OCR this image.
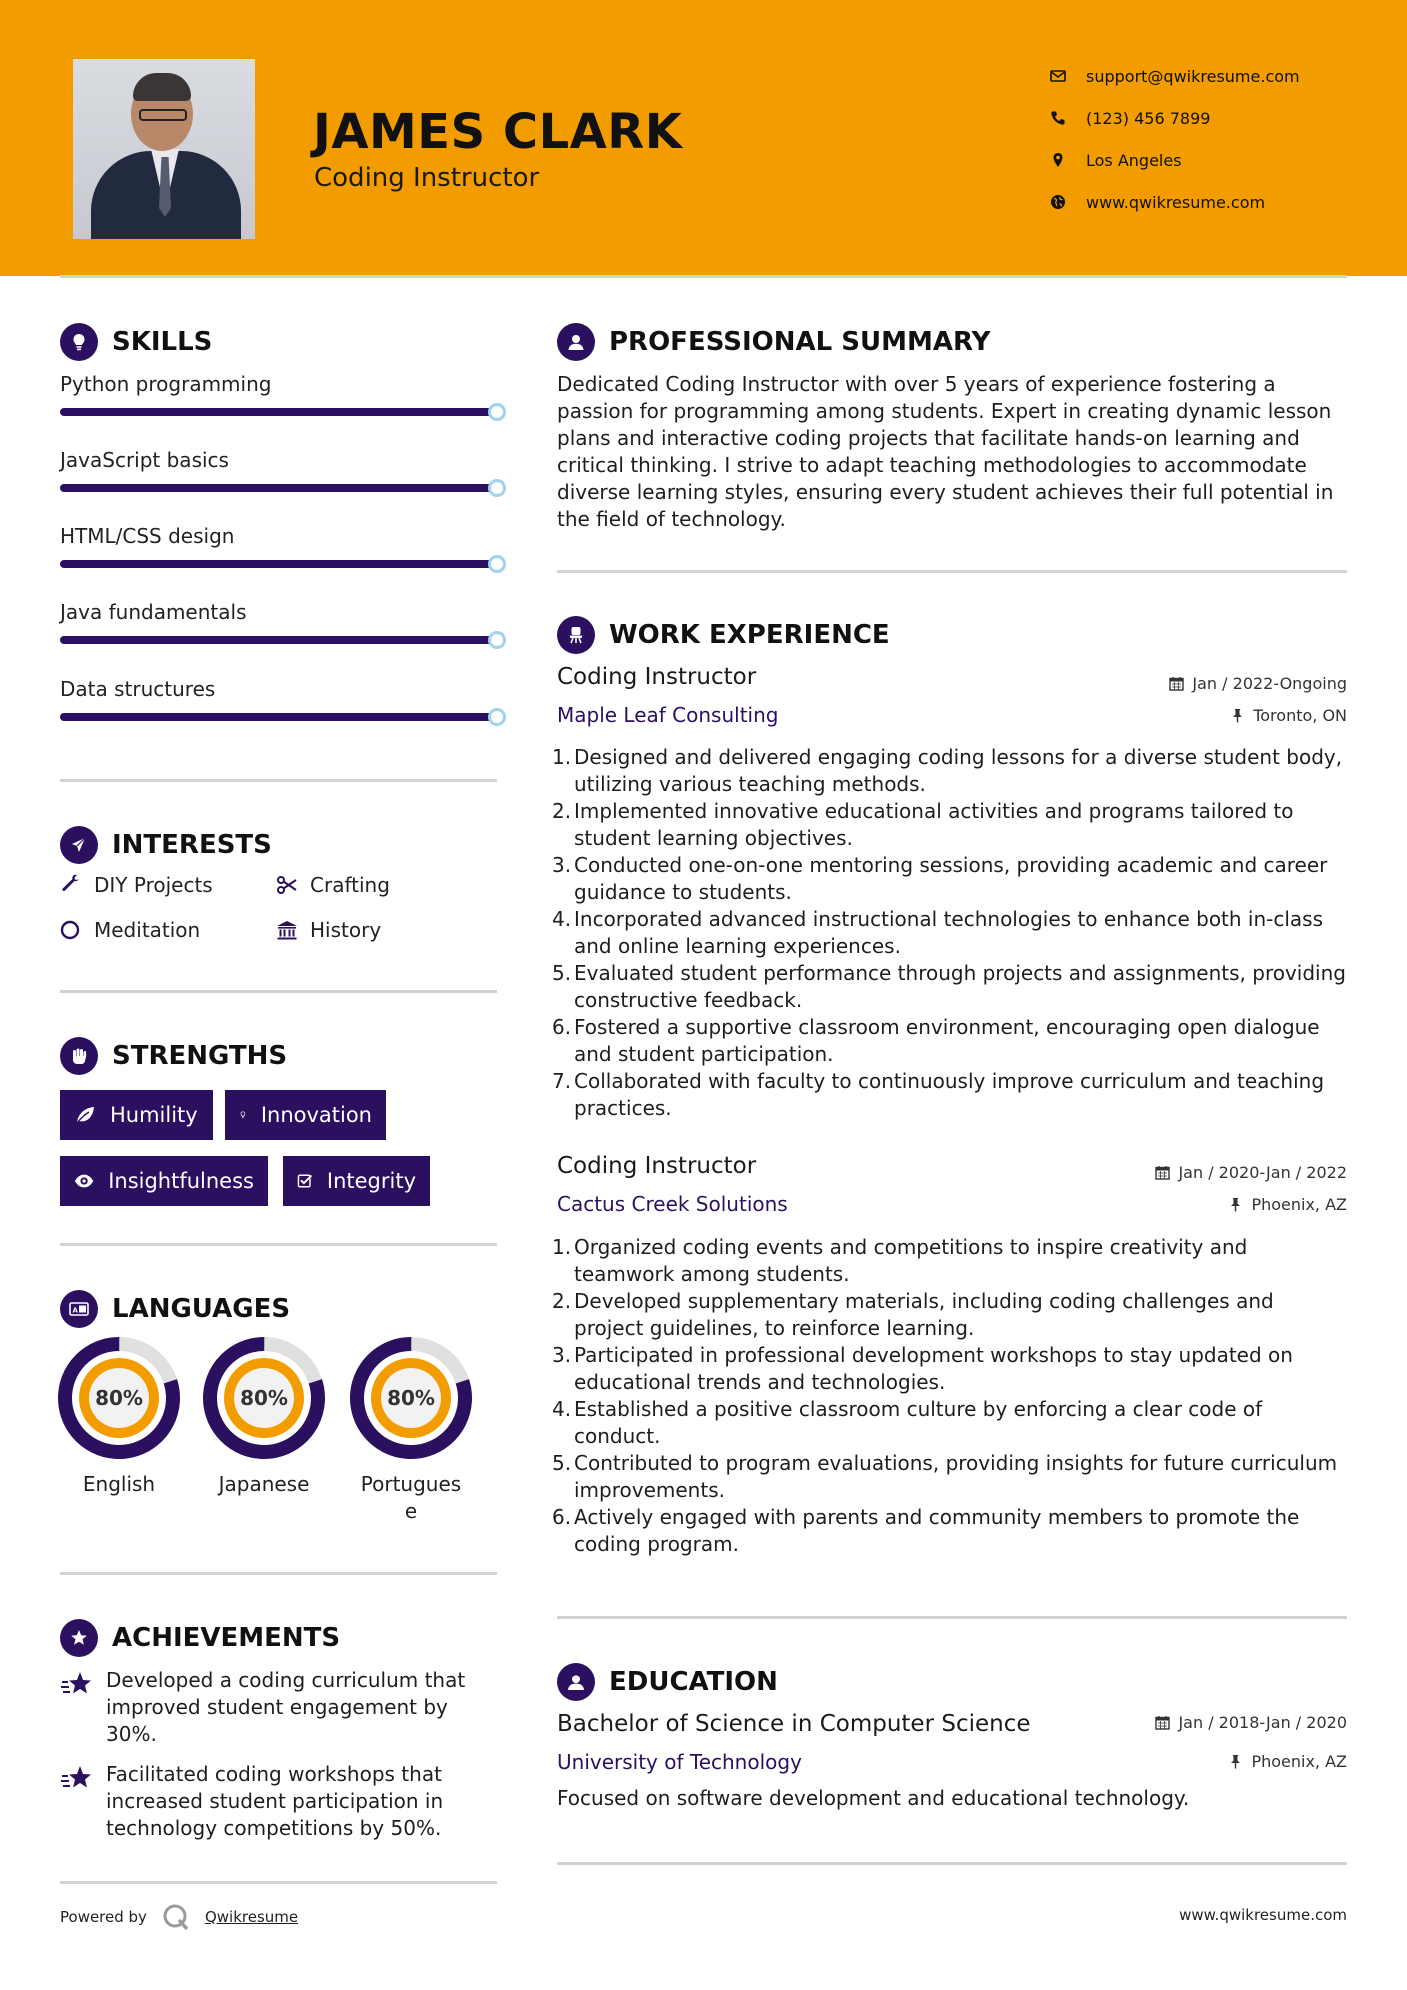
JAMES CLARK
Coding Instructor
support@qwikresume.com
(123) 456 7899
Los Angeles
www.qwikresume.com
SKILLS
Python programming
JavaScript basics
HTML/CSS design
Java fundamentals
Data structures
INTERESTS
DIY Projects	Crafting
Meditation	History
STRENGTHS
Humility	Innovation
Insightfulness	Integrity
A LANGUAGES
80%
English
80%
Japanese
80%
Portuguese
ACHIEVEMENTS
Developed a coding curriculum that improved student engagement by 30%.
Facilitated coding workshops that increased student participation in technology competitions by 50%.
PROFESSIONAL SUMMARY
Dedicated Coding Instructor with over 5 years of experience fostering a passion for programming among students. Expert in creating dynamic lesson plans and interactive coding projects that facilitate hands-on learning and critical thinking. I strive to adapt teaching methodologies to accommodate diverse learning styles, ensuring every student achieves their full potential in the field of technology.
WORK EXPERIENCE
Coding Instructor	Jan / 2022-Ongoing
Maple Leaf Consulting	Toronto, ON
1. Designed and delivered engaging coding lessons for a diverse student body, utilizing various teaching methods.
2. Implemented innovative educational activities and programs tailored to student learning objectives.
3. Conducted one-on-one mentoring sessions, providing academic and career guidance to students.
4. Incorporated advanced instructional technologies to enhance both in-class and online learning experiences.
5. Evaluated student performance through projects and assignments, providing constructive feedback.
6. Fostered a supportive classroom environment, encouraging open dialogue and student participation.
7. Collaborated with faculty to continuously improve curriculum and teaching practices.
Coding Instructor	Jan / 2020-Jan / 2022
Cactus Creek Solutions	Phoenix, AZ
1. Organized coding events and competitions to inspire creativity and teamwork among students.
2. Developed supplementary materials, including coding challenges and project guidelines, to reinforce learning.
3. Participated in professional development workshops to stay updated on educational trends and technologies.
4. Established a positive classroom culture by enforcing a clear code of conduct.
5. Contributed to program evaluations, providing insights for future curriculum improvements.
6. Actively engaged with parents and community members to promote the coding program.
EDUCATION
Bachelor of Science in Computer Science	Jan / 2018-Jan / 2020
University of Technology	Phoenix, AZ
Focused on software development and educational technology.
Powered by	Qwikresume	www.qwikresume.com
